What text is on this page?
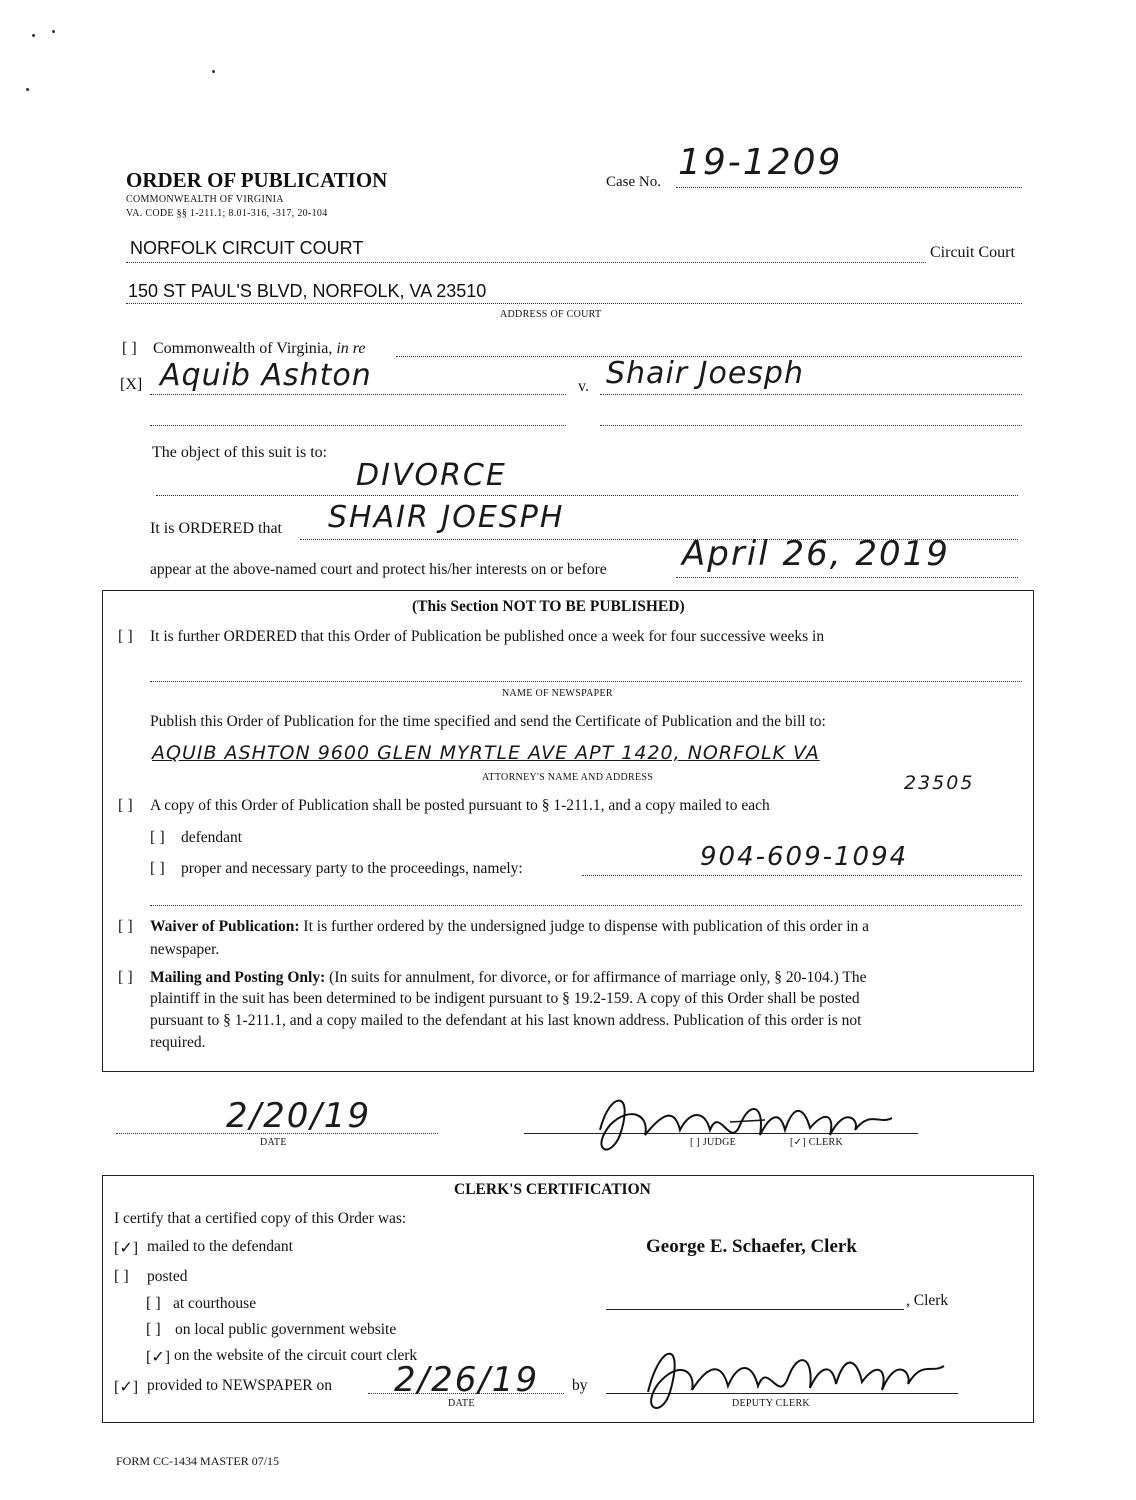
ORDER OF PUBLICATION
COMMONWEALTH OF VIRGINIA
VA. CODE §§ 1-211.1; 8.01-316, -317, 20-104
Case No. 19-1209
NORFOLK CIRCUIT COURT	Circuit Court
150 ST PAUL'S BLVD, NORFOLK, VA 23510
ADDRESS OF COURT
[ ] Commonwealth of Virginia, in re
[X] Aquib Ashton	v. Shair Joesph
The object of this suit is to:
DIVORCE
It is ORDERED that SHAIR JOESPH
appear at the above-named court and protect his/her interests on or before April 26, 2019
(This Section NOT TO BE PUBLISHED)
[ ] It is further ORDERED that this Order of Publication be published once a week for four successive weeks in
NAME OF NEWSPAPER
Publish this Order of Publication for the time specified and send the Certificate of Publication and the bill to:
AQUIB ASHTON 9600 GLEN MYRTLE AVE APT 1420, NORFOLK VA
ATTORNEY'S NAME AND ADDRESS	23505
[ ] A copy of this Order of Publication shall be posted pursuant to § 1-211.1, and a copy mailed to each
[ ] defendant
[ ] proper and necessary party to the proceedings, namely:	904-609-1094
[ ] Waiver of Publication: It is further ordered by the undersigned judge to dispense with publication of this order in a
newspaper.
[ ] Mailing and Posting Only: (In suits for annulment, for divorce, or for affirmance of marriage only, § 20-104.) The
plaintiff in the suit has been determined to be indigent pursuant to § 19.2-159. A copy of this Order shall be posted
pursuant to § 1-211.1, and a copy mailed to the defendant at his last known address. Publication of this order is not
required.
2/20/19
DATE	[ ] JUDGE	[✓] CLERK
CLERK'S CERTIFICATION
I certify that a certified copy of this Order was:
[✓] mailed to the defendant	George E. Schaefer, Clerk
[ ] posted
[ ] at courthouse	, Clerk
[ ] on local public government website
[✓] on the website of the circuit court clerk
[✓] provided to NEWSPAPER on 2/26/19
DATE
by
DEPUTY CLERK
FORM CC-1434 MASTER 07/15
